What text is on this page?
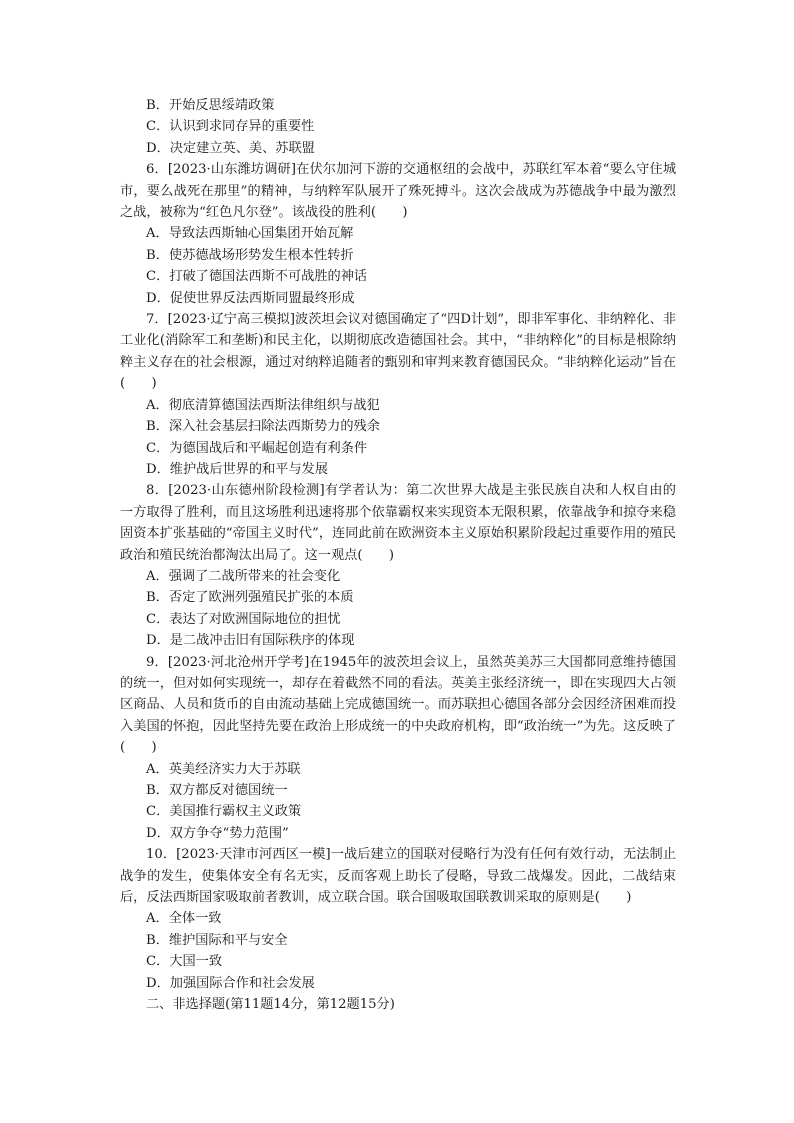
B．开始反思绥靖政策
C．认识到求同存异的重要性
D．决定建立英、美、苏联盟
6．[2023·山东潍坊调研]在伏尔加河下游的交通枢纽的会战中，苏联红军本着“要么守住城市，要么战死在那里”的精神，与纳粹军队展开了殊死搏斗。这次会战成为苏德战争中最为激烈之战，被称为“红色凡尔登”。该战役的胜利(　　)
A．导致法西斯轴心国集团开始瓦解
B．使苏德战场形势发生根本性转折
C．打破了德国法西斯不可战胜的神话
D．促使世界反法西斯同盟最终形成
7．[2023·辽宁高三模拟]波茨坦会议对德国确定了“四D计划”，即非军事化、非纳粹化、非工业化(消除军工和垄断)和民主化，以期彻底改造德国社会。其中，“非纳粹化”的目标是根除纳粹主义存在的社会根源，通过对纳粹追随者的甄别和审判来教育德国民众。“非纳粹化运动”旨在(　　)
A．彻底清算德国法西斯法律组织与战犯
B．深入社会基层扫除法西斯势力的残余
C．为德国战后和平崛起创造有利条件
D．维护战后世界的和平与发展
8．[2023·山东德州阶段检测]有学者认为：第二次世界大战是主张民族自决和人权自由的一方取得了胜利，而且这场胜利迅速将那个依靠霸权来实现资本无限积累，依靠战争和掠夺来稳固资本扩张基础的“帝国主义时代”，连同此前在欧洲资本主义原始积累阶段起过重要作用的殖民政治和殖民统治都淘汰出局了。这一观点(　　)
A．强调了二战所带来的社会变化
B．否定了欧洲列强殖民扩张的本质
C．表达了对欧洲国际地位的担忧
D．是二战冲击旧有国际秩序的体现
9．[2023·河北沧州开学考]在1945年的波茨坦会议上，虽然英美苏三大国都同意维持德国的统一，但对如何实现统一，却存在着截然不同的看法。英美主张经济统一，即在实现四大占领区商品、人员和货币的自由流动基础上完成德国统一。而苏联担心德国各部分会因经济困难而投入美国的怀抱，因此坚持先要在政治上形成统一的中央政府机构，即“政治统一”为先。这反映了(　　)
A．英美经济实力大于苏联
B．双方都反对德国统一
C．美国推行霸权主义政策
D．双方争夺“势力范围”
10．[2023·天津市河西区一模]一战后建立的国联对侵略行为没有任何有效行动，无法制止战争的发生，使集体安全有名无实，反而客观上助长了侵略，导致二战爆发。因此，二战结束后，反法西斯国家吸取前者教训，成立联合国。联合国吸取国联教训采取的原则是(　　)
A．全体一致
B．维护国际和平与安全
C．大国一致
D．加强国际合作和社会发展
二、非选择题(第11题14分，第12题15分)
